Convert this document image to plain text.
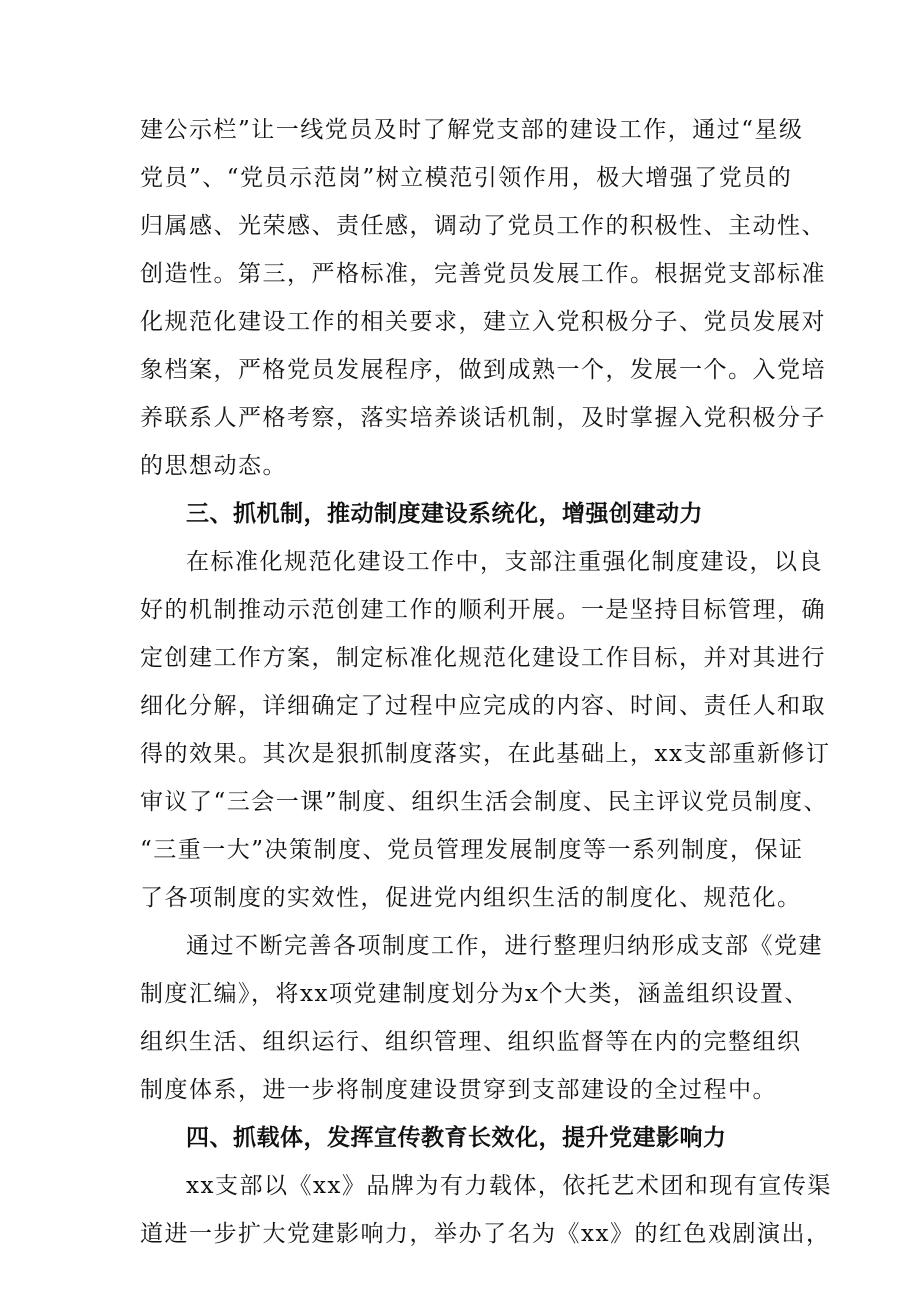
建公示栏”让一线党员及时了解党支部的建设工作，通过“星级
党员”、“党员示范岗”树立模范引领作用，极大增强了党员的
归属感、光荣感、责任感，调动了党员工作的积极性、主动性、
创造性。第三，严格标准，完善党员发展工作。根据党支部标准
化规范化建设工作的相关要求，建立入党积极分子、党员发展对
象档案，严格党员发展程序，做到成熟一个，发展一个。入党培
养联系人严格考察，落实培养谈话机制，及时掌握入党积极分子
的思想动态。
三、抓机制，推动制度建设系统化，增强创建动力
在标准化规范化建设工作中，支部注重强化制度建设，以良
好的机制推动示范创建工作的顺利开展。一是坚持目标管理，确
定创建工作方案，制定标准化规范化建设工作目标，并对其进行
细化分解，详细确定了过程中应完成的内容、时间、责任人和取
得的效果。其次是狠抓制度落实，在此基础上，xx支部重新修订
审议了“三会一课”制度、组织生活会制度、民主评议党员制度、
“三重一大”决策制度、党员管理发展制度等一系列制度，保证
了各项制度的实效性，促进党内组织生活的制度化、规范化。
通过不断完善各项制度工作，进行整理归纳形成支部《党建
制度汇编》，将xx项党建制度划分为x个大类，涵盖组织设置、
组织生活、组织运行、组织管理、组织监督等在内的完整组织
制度体系，进一步将制度建设贯穿到支部建设的全过程中。
四、抓载体，发挥宣传教育长效化，提升党建影响力
xx支部以《xx》品牌为有力载体，依托艺术团和现有宣传渠
道进一步扩大党建影响力，举办了名为《xx》的红色戏剧演出，
